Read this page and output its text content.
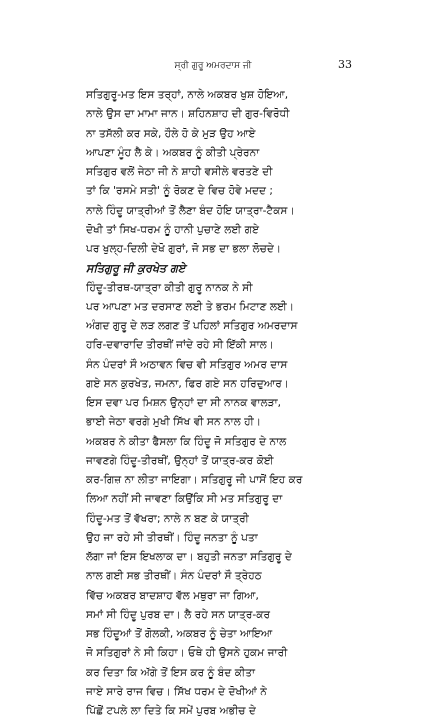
ਸ੍ਰੀ ਗੁਰੂ ਅਮਰਦਾਸ ਜੀ	33
ਸਤਿਗੁਰੂ-ਮਤ ਇਸ ਤਰ੍ਹਾਂ, ਨਾਲੇ ਅਕਬਰ ਖੁਸ਼ ਹੋਇਆ,
ਨਾਲੇ ਉਸ ਦਾ ਮਾਮਾ ਜਾਨ। ਸ਼ਹਿਨਸ਼ਾਹ ਦੀ ਗੁਰ-ਵਿਰੋਧੀ
ਨਾ ਤਸੱਲੀ ਕਰ ਸਕੇ, ਹੌਲੇ ਹੋ ਕੇ ਮੁੜ ਉਹ ਆਏ
ਆਪਣਾ ਮੂੰਹ ਲੈ ਕੇ। ਅਕਬਰ ਨੂੰ ਕੀਤੀ ਪ੍ਰੇਰਨਾ
ਸਤਿਗੁਰ ਵਲੋਂ ਜੇਠਾ ਜੀ ਨੇ ਸ਼ਾਹੀ ਵਸੀਲੇ ਵਰਤਣੇ ਦੀ
ਤਾਂ ਕਿ 'ਰਸਮੇ ਸਤੀ' ਨੂੰ ਰੋਕਣ ਦੇ ਵਿਚ ਹੋਵੇ ਮਦਦ ;
ਨਾਲੇ ਹਿੰਦੂ ਯਾਤ੍ਰੀਆਂ ਤੋਂ ਲੈਣਾ ਬੰਦ ਹੋਇ ਯਾਤ੍ਰਾ-ਟੈਕਸ।
ਦੋਖੀ ਤਾਂ ਸਿਖ-ਧਰਮ ਨੂੰ ਹਾਨੀ ਪੁਚਾਣੇ ਲਈ ਗਏ
ਪਰ ਖੁਲ੍ਹ-ਦਿਲੀ ਦੇਖੋ ਗੁਰਾਂ, ਜੋ ਸਭ ਦਾ ਭਲਾ ਲੋਚਦੇ।
ਸਤਿਗੁਰੂ ਜੀ ਕੁਰਖੇਤ ਗਏ
ਹਿੰਦੂ-ਤੀਰਥ-ਯਾਤ੍ਰਾ ਕੀਤੀ ਗੁਰੂ ਨਾਨਕ ਨੇ ਸੀ
ਪਰ ਆਪਣਾ ਮਤ ਦਰਸਾਣ ਲਈ ਤੇ ਭਰਮ ਮਿਟਾਣ ਲਈ।
ਅੰਗਦ ਗੁਰੂ ਦੇ ਲੜ ਲਗਣ ਤੋਂ ਪਹਿਲਾਂ ਸਤਿਗੁਰ ਅਮਰਦਾਸ
ਹਰਿ-ਦਵਾਰਾਦਿ ਤੀਰਥੀਂ ਜਾਂਦੇ ਰਹੇ ਸੀ ਇੱਕੀ ਸਾਲ।
ਸੰਨ ਪੰਦਰਾਂ ਸੌ ਅਠਾਵਨ ਵਿਚ ਵੀ ਸਤਿਗੁਰ ਅਮਰ ਦਾਸ
ਗਏ ਸਨ ਕੁਰਖੇਤ, ਜਮਨਾ, ਫਿਰ ਗਏ ਸਨ ਹਰਿਦੁਆਰ।
ਇਸ ਦਵਾ ਪਰ ਮਿਸ਼ਨ ਉਨ੍ਹਾਂ ਦਾ ਸੀ ਨਾਨਕ ਵਾਲੜਾ,
ਭਾਈ ਜੇਠਾ ਵਰਗੇ ਮੁਖੀ ਸਿੱਖ ਵੀ ਸਨ ਨਾਲ ਹੀ।
ਅਕਬਰ ਨੇ ਕੀਤਾ ਫੈਸਲਾ ਕਿ ਹਿੰਦੂ ਜੋ ਸਤਿਗੁਰ ਦੇ ਨਾਲ
ਜਾਵਣਗੇ ਹਿੰਦੂ-ਤੀਰਥੀਂ, ਉਨ੍ਹਾਂ ਤੋਂ ਯਾਤ੍ਰ-ਕਰ ਕੋਈ
ਕਰ-ਗਿਜ਼ ਨਾ ਲੀਤਾ ਜਾਇਗਾ। ਸਤਿਗੁਰੂ ਜੀ ਪਾਸੋਂ ਇਹ ਕਰ
ਲਿਆ ਨਹੀਂ ਸੀ ਜਾਵਣਾ ਕਿਉਂਕਿ ਸੀ ਮਤ ਸਤਿਗੁਰੂ ਦਾ
ਹਿੰਦੂ-ਮਤ ਤੋਂ ਵੱਖਰਾ; ਨਾਲੇ ਨ ਬਣ ਕੇ ਯਾਤ੍ਰੀ
ਉਹ ਜਾ ਰਹੇ ਸੀ ਤੀਰਥੀਂ। ਹਿੰਦੂ ਜਨਤਾ ਨੂੰ ਪਤਾ
ਲੱਗਾ ਜਾਂ ਇਸ ਇਖਲਾਕ ਦਾ। ਬਹੁਤੀ ਜਨਤਾ ਸਤਿਗੁਰੂ ਦੇ
ਨਾਲ ਗਈ ਸਭ ਤੀਰਥੀਂ। ਸੰਨ ਪੰਦਰਾਂ ਸੌ ਤ੍ਰੇਹਠ
ਵਿੱਚ ਅਕਬਰ ਬਾਦਸ਼ਾਹ ਵੱਲ ਮਥੁਰਾ ਜਾ ਗਿਆ,
ਸਮਾਂ ਸੀ ਹਿੰਦੂ ਪੁਰਬ ਦਾ। ਲੈ ਰਹੇ ਸਨ ਯਾਤ੍ਰ-ਕਰ
ਸਭ ਹਿੰਦੂਆਂ ਤੋਂ ਗੋਲਕੀ, ਅਕਬਰ ਨੂੰ ਚੇਤਾ ਆਇਆ
ਜੋ ਸਤਿਗੁਰਾਂ ਨੇ ਸੀ ਕਿਹਾ। ਓਥੇ ਹੀ ਉਸਨੇ ਹੁਕਮ ਜਾਰੀ
ਕਰ ਦਿਤਾ ਕਿ ਅੱਗੇ ਤੋਂ ਇਸ ਕਰ ਨੂੰ ਬੰਦ ਕੀਤਾ
ਜਾਏ ਸਾਰੇ ਰਾਜ ਵਿਚ। ਸਿੱਖ ਧਰਮ ਦੇ ਦੋਖੀਆਂ ਨੇ
ਪਿੱਛੋਂ ਟਪਲੇ ਲਾ ਦਿਤੇ ਕਿ ਸਮੇਂ ਪੁਰਬ ਅਭੀਚ ਦੇ
